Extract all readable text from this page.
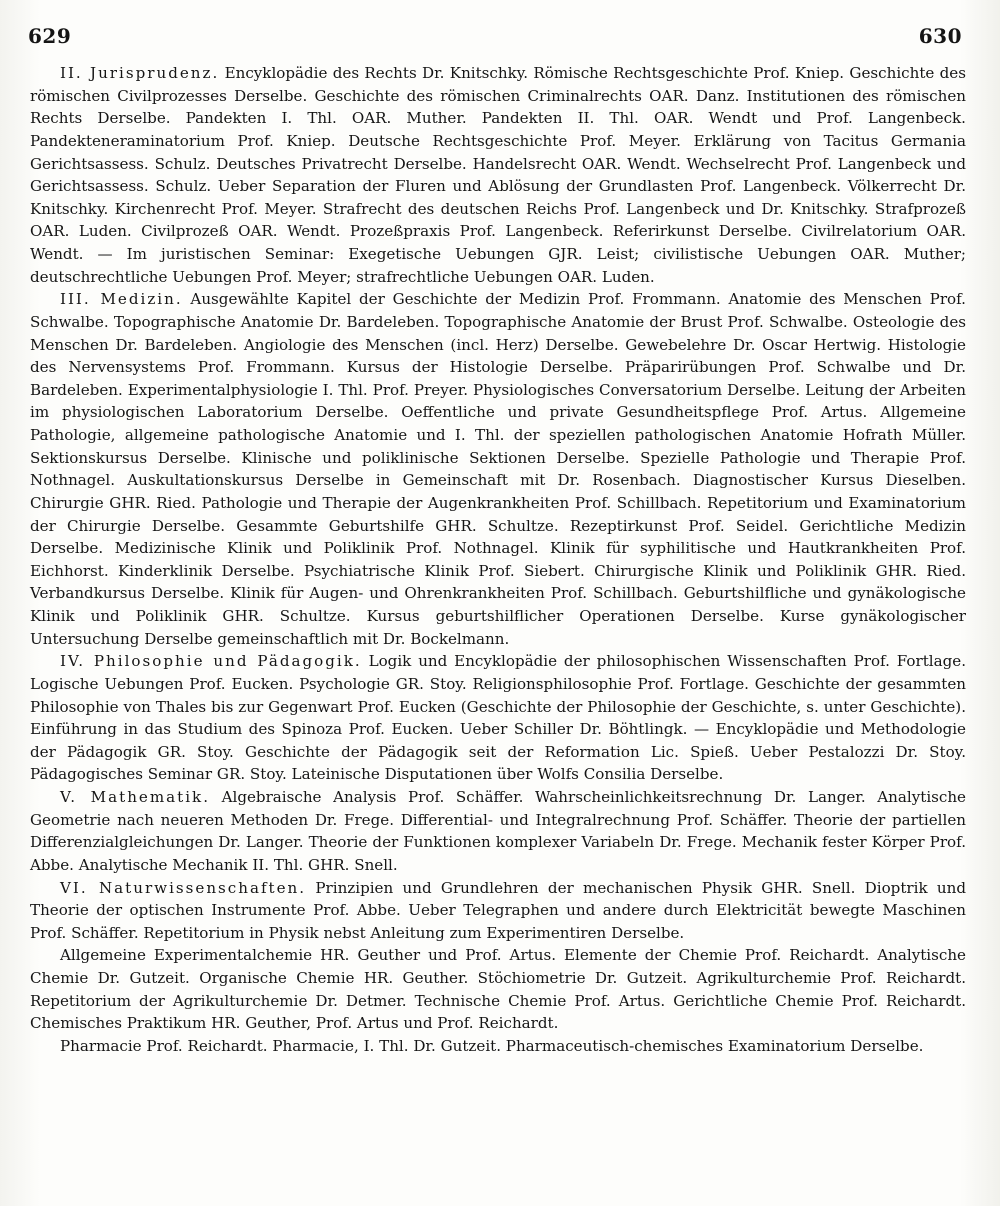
629	630

II. Jurisprudenz. Encyklopädie des Rechts Dr. Knitschky. Römische Rechtsgeschichte Prof. Kniep. Geschichte des römischen Civilprozesses Derselbe. Geschichte des römischen Criminalrechts OAR. Danz. Institutionen des römischen Rechts Derselbe. Pandekten I. Thl. OAR. Muther. Pandekten II. Thl. OAR. Wendt und Prof. Langenbeck. Pandekteneraminatorium Prof. Kniep. Deutsche Rechtsgeschichte Prof. Meyer. Erklärung von Tacitus Germania Gerichtsassess. Schulz. Deutsches Privatrecht Derselbe. Handelsrecht OAR. Wendt. Wechselrecht Prof. Langenbeck und Gerichtsassess. Schulz. Ueber Separation der Fluren und Ablösung der Grundlasten Prof. Langenbeck. Völkerrecht Dr. Knitschky. Kirchenrecht Prof. Meyer. Strafrecht des deutschen Reichs Prof. Langenbeck und Dr. Knitschky. Strafprozeß OAR. Luden. Civilprozeß OAR. Wendt. Prozeßpraxis Prof. Langenbeck. Referirkunst Derselbe. Civilrelatorium OAR. Wendt. — Im juristischen Seminar: Exegetische Uebungen GJR. Leist; civilistische Uebungen OAR. Muther; deutschrechtliche Uebungen Prof. Meyer; strafrechtliche Uebungen OAR. Luden.

III. Medizin. Ausgewählte Kapitel der Geschichte der Medizin Prof. Frommann. Anatomie des Menschen Prof. Schwalbe. Topographische Anatomie Dr. Bardeleben. Topographische Anatomie der Brust Prof. Schwalbe. Osteologie des Menschen Dr. Bardeleben. Angiologie des Menschen (incl. Herz) Derselbe. Gewebelehre Dr. Oscar Hertwig. Histologie des Nervensystems Prof. Frommann. Kursus der Histologie Derselbe. Präparirübungen Prof. Schwalbe und Dr. Bardeleben. Experimentalphysiologie I. Thl. Prof. Preyer. Physiologisches Conversatorium Derselbe. Leitung der Arbeiten im physiologischen Laboratorium Derselbe. Oeffentliche und private Gesundheitspflege Prof. Artus. Allgemeine Pathologie, allgemeine pathologische Anatomie und I. Thl. der speziellen pathologischen Anatomie Hofrath Müller. Sektionskursus Derselbe. Klinische und poliklinische Sektionen Derselbe. Spezielle Pathologie und Therapie Prof. Nothnagel. Auskultationskursus Derselbe in Gemeinschaft mit Dr. Rosenbach. Diagnostischer Kursus Dieselben. Chirurgie GHR. Ried. Pathologie und Therapie der Augenkrankheiten Prof. Schillbach. Repetitorium und Examinatorium der Chirurgie Derselbe. Gesammte Geburtshilfe GHR. Schultze. Rezeptirkunst Prof. Seidel. Gerichtliche Medizin Derselbe. Medizinische Klinik und Poliklinik Prof. Nothnagel. Klinik für syphilitische und Hautkrankheiten Prof. Eichhorst. Kinderklinik Derselbe. Psychiatrische Klinik Prof. Siebert. Chirurgische Klinik und Poliklinik GHR. Ried. Verbandkursus Derselbe. Klinik für Augen- und Ohrenkrankheiten Prof. Schillbach. Geburtshilfliche und gynäkologische Klinik und Poliklinik GHR. Schultze. Kursus geburtshilflicher Operationen Derselbe. Kurse gynäkologischer Untersuchung Derselbe gemeinschaftlich mit Dr. Bockelmann.

IV. Philosophie und Pädagogik. Logik und Encyklopädie der philosophischen Wissenschaften Prof. Fortlage. Logische Uebungen Prof. Eucken. Psychologie GR. Stoy. Religionsphilosophie Prof. Fortlage. Geschichte der gesammten Philosophie von Thales bis zur Gegenwart Prof. Eucken (Geschichte der Philosophie der Geschichte, s. unter Geschichte). Einführung in das Studium des Spinoza Prof. Eucken. Ueber Schiller Dr. Böhtlingk. — Encyklopädie und Methodologie der Pädagogik GR. Stoy. Geschichte der Pädagogik seit der Reformation Lic. Spieß. Ueber Pestalozzi Dr. Stoy. Pädagogisches Seminar GR. Stoy. Lateinische Disputationen über Wolfs Consilia Derselbe.

V. Mathematik. Algebraische Analysis Prof. Schäffer. Wahrscheinlichkeitsrechnung Dr. Langer. Analytische Geometrie nach neueren Methoden Dr. Frege. Differential- und Integralrechnung Prof. Schäffer. Theorie der partiellen Differenzialgleichungen Dr. Langer. Theorie der Funktionen komplexer Variabeln Dr. Frege. Mechanik fester Körper Prof. Abbe. Analytische Mechanik II. Thl. GHR. Snell.

VI. Naturwissenschaften. Prinzipien und Grundlehren der mechanischen Physik GHR. Snell. Dioptrik und Theorie der optischen Instrumente Prof. Abbe. Ueber Telegraphen und andere durch Elektricität bewegte Maschinen Prof. Schäffer. Repetitorium in Physik nebst Anleitung zum Experimentiren Derselbe.

Allgemeine Experimentalchemie HR. Geuther und Prof. Artus. Elemente der Chemie Prof. Reichardt. Analytische Chemie Dr. Gutzeit. Organische Chemie HR. Geuther. Stöchiometrie Dr. Gutzeit. Agrikulturchemie Prof. Reichardt. Repetitorium der Agrikulturchemie Dr. Detmer. Technische Chemie Prof. Artus. Gerichtliche Chemie Prof. Reichardt. Chemisches Praktikum HR. Geuther, Prof. Artus und Prof. Reichardt.

Pharmacie Prof. Reichardt. Pharmacie, I. Thl. Dr. Gutzeit. Pharmaceutisch-chemisches Examinatorium Derselbe.
